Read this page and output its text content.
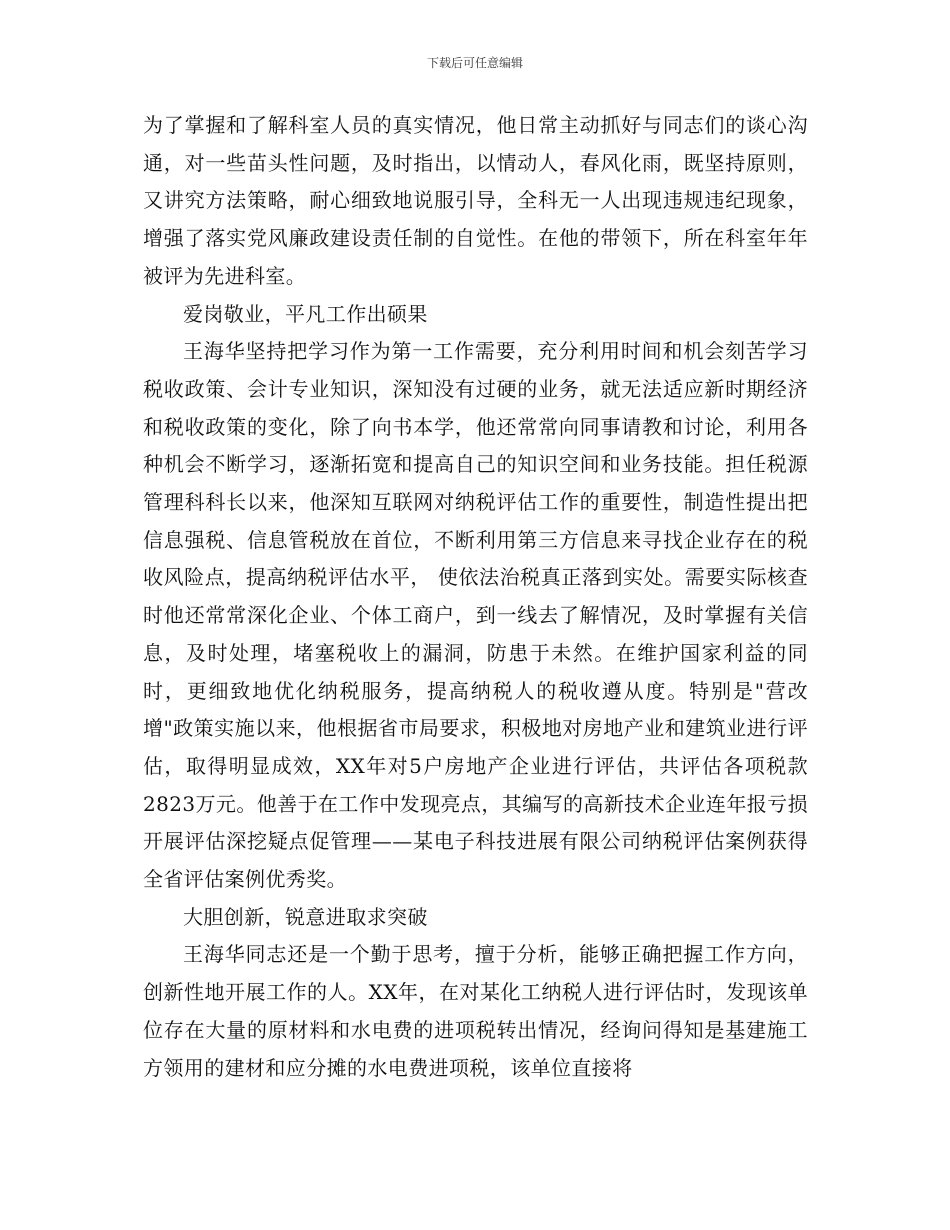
下载后可任意编辑

为了掌握和了解科室人员的真实情况，他日常主动抓好与同志们的谈心沟通，对一些苗头性问题，及时指出，以情动人，春风化雨，既坚持原则，又讲究方法策略，耐心细致地说服引导，全科无一人出现违规违纪现象，增强了落实党风廉政建设责任制的自觉性。在他的带领下，所在科室年年被评为先进科室。

爱岗敬业，平凡工作出硕果

王海华坚持把学习作为第一工作需要，充分利用时间和机会刻苦学习税收政策、会计专业知识，深知没有过硬的业务，就无法适应新时期经济和税收政策的变化，除了向书本学，他还常常向同事请教和讨论，利用各种机会不断学习，逐渐拓宽和提高自己的知识空间和业务技能。担任税源管理科科长以来，他深知互联网对纳税评估工作的重要性，制造性提出把信息强税、信息管税放在首位，不断利用第三方信息来寻找企业存在的税收风险点，提高纳税评估水平， 使依法治税真正落到实处。需要实际核查时他还常常深化企业、个体工商户，到一线去了解情况，及时掌握有关信息，及时处理，堵塞税收上的漏洞，防患于未然。在维护国家利益的同时，更细致地优化纳税服务，提高纳税人的税收遵从度。特别是"营改增"政策实施以来，他根据省市局要求，积极地对房地产业和建筑业进行评估，取得明显成效，XX年对5户房地产企业进行评估，共评估各项税款2823万元。他善于在工作中发现亮点，其编写的高新技术企业连年报亏损开展评估深挖疑点促管理——某电子科技进展有限公司纳税评估案例获得全省评估案例优秀奖。

大胆创新，锐意进取求突破

王海华同志还是一个勤于思考，擅于分析，能够正确把握工作方向，创新性地开展工作的人。XX年，在对某化工纳税人进行评估时，发现该单位存在大量的原材料和水电费的进项税转出情况，经询问得知是基建施工方领用的建材和应分摊的水电费进项税，该单位直接将
